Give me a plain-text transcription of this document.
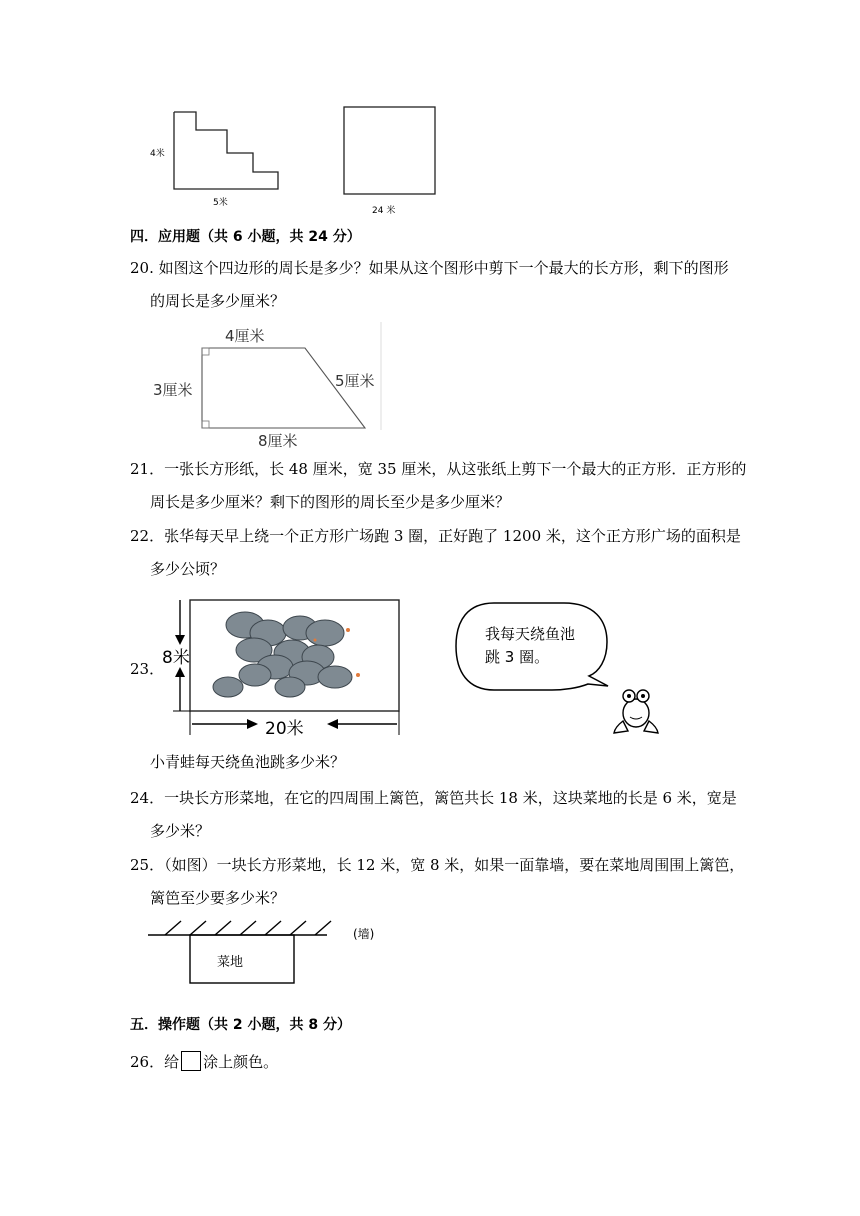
4米
5米
24 米
四．应用题（共 6 小题，共 24 分）
20. 如图这个四边形的周长是多少？如果从这个图形中剪下一个最大的长方形，剩下的图形
的周长是多少厘米？
4厘米
3厘米	5厘米
8厘米
21．一张长方形纸，长 48 厘米，宽 35 厘米，从这张纸上剪下一个最大的正方形．正方形的
周长是多少厘米？剩下的图形的周长至少是多少厘米？
22．张华每天早上绕一个正方形广场跑 3 圈，正好跑了 1200 米，这个正方形广场的面积是
多少公顷？
23．
8米
20米
我每天绕鱼池
跳 3 圈。
小青蛙每天绕鱼池跳多少米？
24．一块长方形菜地，在它的四周围上篱笆，篱笆共长 18 米，这块菜地的长是 6 米，宽是
多少米？
25．（如图）一块长方形菜地，长 12 米，宽 8 米，如果一面靠墙，要在菜地周围围上篱笆，
篱笆至少要多少米？
菜地
(墙)
五．操作题（共 2 小题，共 8 分）
26．给 涂上颜色。
